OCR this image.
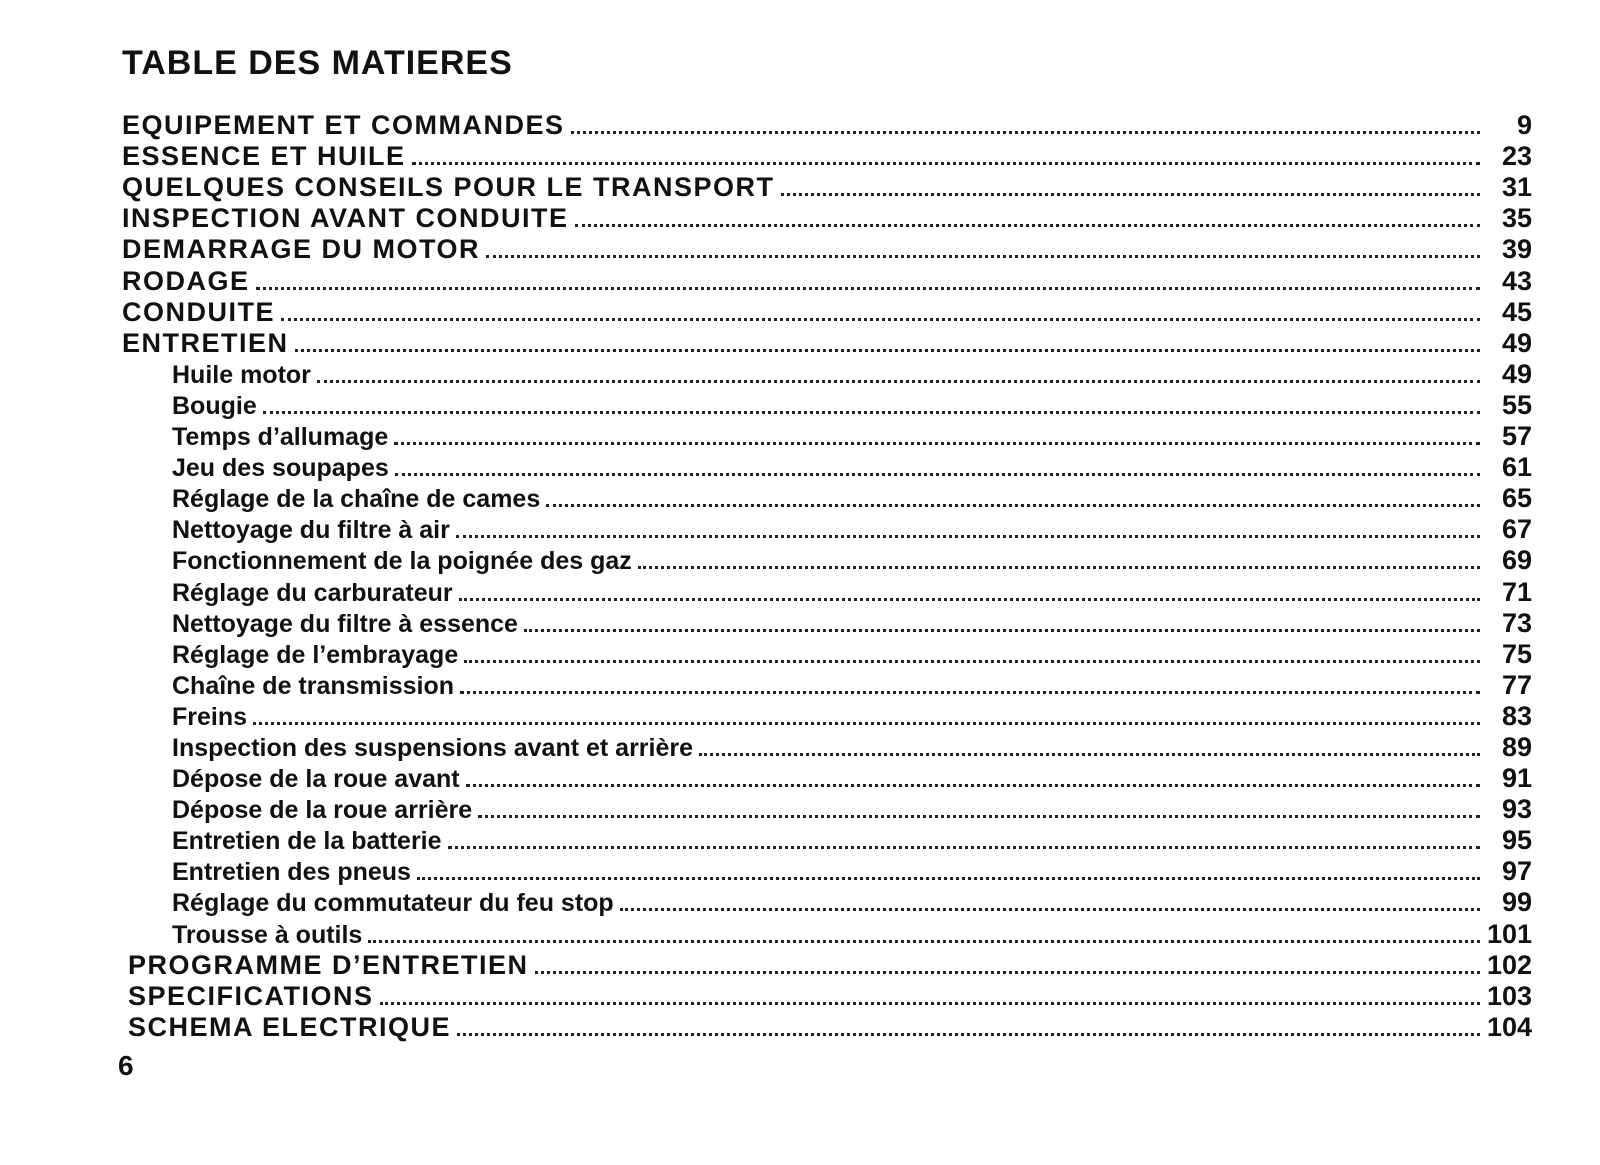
TABLE DES MATIERES
EQUIPEMENT ET COMMANDES	9
ESSENCE ET HUILE	23
QUELQUES CONSEILS POUR LE TRANSPORT	31
INSPECTION AVANT CONDUITE	35
DEMARRAGE DU MOTOR	39
RODAGE	43
CONDUITE	45
ENTRETIEN	49
Huile motor	49
Bougie	55
Temps d’allumage	57
Jeu des soupapes	61
Réglage de la chaîne de cames	65
Nettoyage du filtre à air	67
Fonctionnement de la poignée des gaz	69
Réglage du carburateur	71
Nettoyage du filtre à essence	73
Réglage de l’embrayage	75
Chaîne de transmission	77
Freins	83
Inspection des suspensions avant et arrière	89
Dépose de la roue avant	91
Dépose de la roue arrière	93
Entretien de la batterie	95
Entretien des pneus	97
Réglage du commutateur du feu stop	99
Trousse à outils	101
PROGRAMME D’ENTRETIEN	102
SPECIFICATIONS	103
SCHEMA ELECTRIQUE	104
6
